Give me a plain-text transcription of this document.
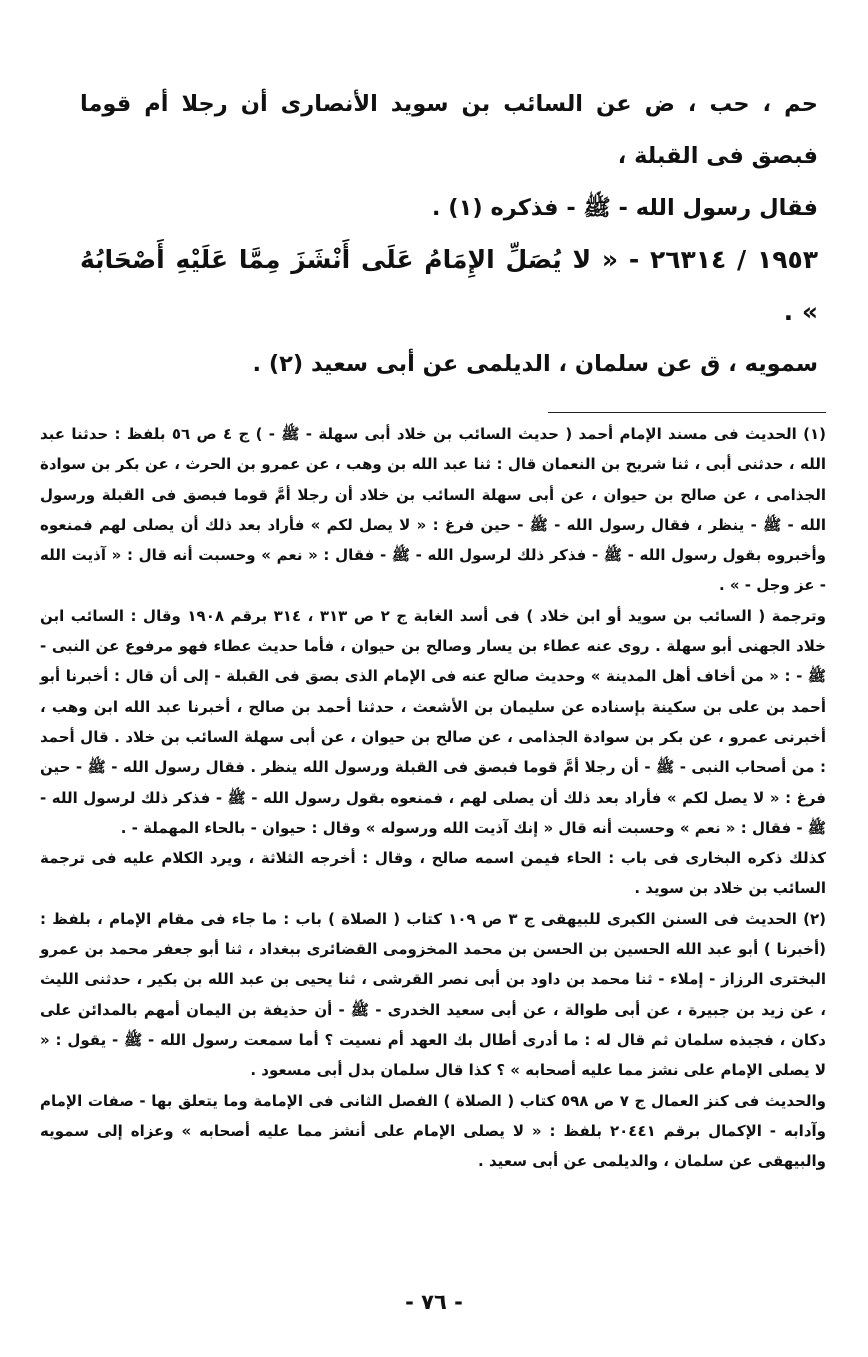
حم ، حب ، ض عن السائب بن سويد الأنصارى أن رجلا أم قوما فبصق فى القبلة ،

فقال رسول الله - ﷺ - فذكره (١) .

١٩٥٣ / ٢٦٣١٤ - « لا يُصَلِّ الإِمَامُ عَلَى أَنْشَزَ مِمَّا عَلَيْهِ أَصْحَابُهُ » .

سمويه ، ق عن سلمان ، الديلمى عن أبى سعيد (٢) .

(١) الحديث فى مسند الإمام أحمد ( حديث السائب بن خلاد أبى سهلة - ﷺ - ) ج ٤ ص ٥٦ بلفظ : حدثنا عبد الله ، حدثنى أبى ، ثنا شريح بن النعمان قال : ثنا عبد الله بن وهب ، عن عمرو بن الحرث ، عن بكر بن سوادة الجذامى ، عن صالح بن حيوان ، عن أبى سهلة السائب بن خلاد أن رجلا أمَّ قوما فبصق فى القبلة ورسول الله - ﷺ - ينظر ، فقال رسول الله - ﷺ - حين فرغ : « لا يصل لكم » فأراد بعد ذلك أن يصلى لهم فمنعوه وأخبروه بقول رسول الله - ﷺ - فذكر ذلك لرسول الله - ﷺ - فقال : « نعم » وحسبت أنه قال : « آذيت الله - عز وجل - » .

وترجمة ( السائب بن سويد أو ابن خلاد ) فى أسد الغابة ج ٢ ص ٣١٣ ، ٣١٤ برقم ١٩٠٨ وقال : السائب ابن خلاد الجهنى أبو سهلة . روى عنه عطاء بن يسار وصالح بن حيوان ، فأما حديث عطاء فهو مرفوع عن النبى - ﷺ - : « من أخاف أهل المدينة » وحديث صالح عنه فى الإمام الذى بصق فى القبلة - إلى أن قال : أخبرنا أبو أحمد بن على بن سكينة بإسناده عن سليمان بن الأشعث ، حدثنا أحمد بن صالح ، أخبرنا عبد الله ابن وهب ، أخبرنى عمرو ، عن بكر بن سوادة الجذامى ، عن صالح بن حيوان ، عن أبى سهلة السائب بن خلاد . قال أحمد : من أصحاب النبى - ﷺ - أن رجلا أمَّ قوما فبصق فى القبلة ورسول الله ينظر . فقال رسول الله - ﷺ - حين فرغ : « لا يصل لكم » فأراد بعد ذلك أن يصلى لهم ، فمنعوه بقول رسول الله - ﷺ - فذكر ذلك لرسول الله - ﷺ - فقال : « نعم » وحسبت أنه قال « إنك آذيت الله ورسوله » وقال : حيوان - بالحاء المهملة - .

كذلك ذكره البخارى فى باب : الحاء فيمن اسمه صالح ، وقال : أخرجه الثلاثة ، ويرد الكلام عليه فى ترجمة السائب بن خلاد بن سويد .

(٢) الحديث فى السنن الكبرى للبيهقى ج ٣ ص ١٠٩ كتاب ( الصلاة ) باب : ما جاء فى مقام الإمام ، بلفظ : (أخبرنا ) أبو عبد الله الحسين بن الحسن بن محمد المخزومى القضائرى ببغداد ، ثنا أبو جعفر محمد بن عمرو البخترى الرزاز - إملاء - ثنا محمد بن داود بن أبى نصر القرشى ، ثنا يحيى بن عبد الله بن بكير ، حدثنى الليث ، عن زيد بن جبيرة ، عن أبى طوالة ، عن أبى سعيد الخدرى - ﷺ - أن حذيفة بن اليمان أمهم بالمدائن على دكان ، فجبذه سلمان ثم قال له : ما أدرى أطال بك العهد أم نسيت ؟ أما سمعت رسول الله - ﷺ - يقول : « لا يصلى الإمام على نشز مما عليه أصحابه » ؟ كذا قال سلمان بدل أبى مسعود .

والحديث فى كنز العمال ج ٧ ص ٥٩٨ كتاب ( الصلاة ) الفصل الثانى فى الإمامة وما يتعلق بها - صفات الإمام وآدابه - الإكمال برقم ٢٠٤٤١ بلفظ : « لا يصلى الإمام على أنشز مما عليه أصحابه » وعزاه إلى سمويه والبيهقى عن سلمان ، والديلمى عن أبى سعيد .

- ٧٦ -
